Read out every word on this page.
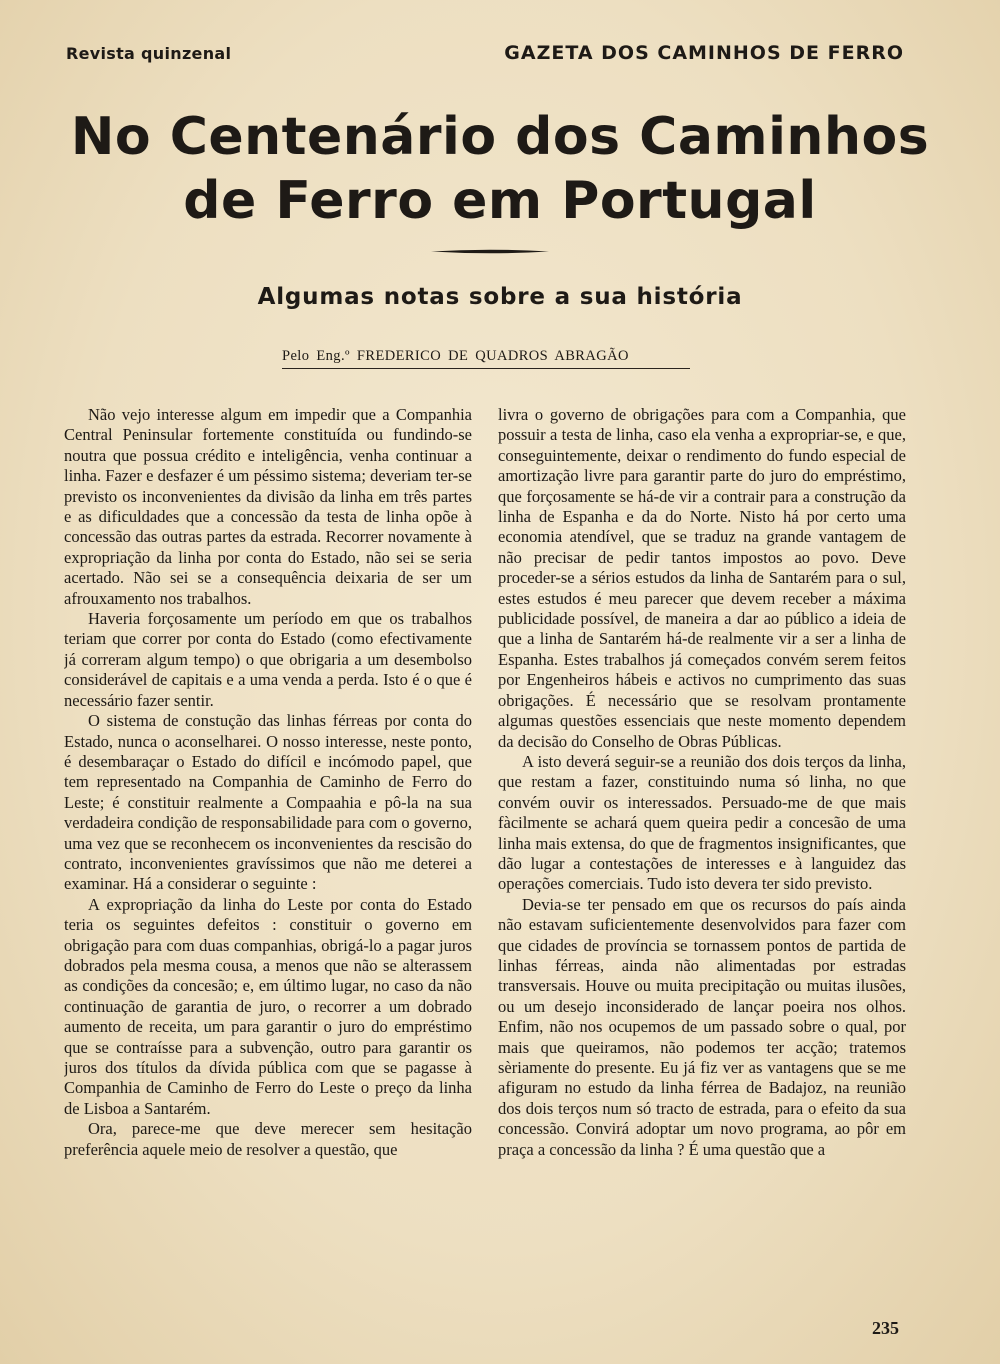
Revista quinzenal	GAZETA DOS CAMINHOS DE FERRO
No Centenário dos Caminhos de Ferro em Portugal
Algumas notas sobre a sua história
Pelo Eng.º FREDERICO DE QUADROS ABRAGÃO

Não vejo interesse algum em impedir que a Companhia Central Peninsular fortemente constituída ou fundindo-se noutra que possua crédito e inteligência, venha continuar a linha. Fazer e desfazer é um péssimo sistema; deveriam ter-se previsto os inconvenientes da divisão da linha em três partes e as dificuldades que a concessão da testa de linha opõe à concessão das outras partes da estrada. Recorrer novamente à expropriação da linha por conta do Estado, não sei se seria acertado. Não sei se a consequência deixaria de ser um afrouxamento nos trabalhos.

Haveria forçosamente um período em que os trabalhos teriam que correr por conta do Estado (como efectivamente já correram algum tempo) o que obrigaria a um desembolso considerável de capitais e a uma venda a perda. Isto é o que é necessário fazer sentir.

O sistema de constução das linhas férreas por conta do Estado, nunca o aconselharei. O nosso interesse, neste ponto, é desembaraçar o Estado do difícil e incómodo papel, que tem representado na Companhia de Caminho de Ferro do Leste; é constituir realmente a Compaahia e pô-la na sua verdadeira condição de responsabilidade para com o governo, uma vez que se reconhecem os inconvenientes da rescisão do contrato, inconvenientes gravíssimos que não me deterei a examinar. Há a considerar o seguinte :

A expropriação da linha do Leste por conta do Estado teria os seguintes defeitos : constituir o governo em obrigação para com duas companhias, obrigá-lo a pagar juros dobrados pela mesma cousa, a menos que não se alterassem as condições da concesão; e, em último lugar, no caso da não continuação de garantia de juro, o recorrer a um dobrado aumento de receita, um para garantir o juro do empréstimo que se contraísse para a subvenção, outro para garantir os juros dos títulos da dívida pública com que se pagasse à Companhia de Caminho de Ferro do Leste o preço da linha de Lisboa a Santarém.

Ora, parece-me que deve merecer sem hesitação preferência aquele meio de resolver a questão, que

livra o governo de obrigações para com a Companhia, que possuir a testa de linha, caso ela venha a expropriar-se, e que, conseguintemente, deixar o rendimento do fundo especial de amortização livre para garantir parte do juro do empréstimo, que forçosamente se há-de vir a contrair para a construção da linha de Espanha e da do Norte. Nisto há por certo uma economia atendível, que se traduz na grande vantagem de não precisar de pedir tantos impostos ao povo. Deve proceder-se a sérios estudos da linha de Santarém para o sul, estes estudos é meu parecer que devem receber a máxima publicidade possível, de maneira a dar ao público a ideia de que a linha de Santarém há-de realmente vir a ser a linha de Espanha. Estes trabalhos já começados convém serem feitos por Engenheiros hábeis e activos no cumprimento das suas obrigações. É necessário que se resolvam prontamente algumas questões essenciais que neste momento dependem da decisão do Conselho de Obras Públicas.

A isto deverá seguir-se a reunião dos dois terços da linha, que restam a fazer, constituindo numa só linha, no que convém ouvir os interessados. Persuado-me de que mais fàcilmente se achará quem queira pedir a concesão de uma linha mais extensa, do que de fragmentos insignificantes, que dão lugar a contestações de interesses e à languidez das operações comerciais. Tudo isto devera ter sido previsto.

Devia-se ter pensado em que os recursos do país ainda não estavam suficientemente desenvolvidos para fazer com que cidades de província se tornassem pontos de partida de linhas férreas, ainda não alimentadas por estradas transversais. Houve ou muita precipitação ou muitas ilusões, ou um desejo inconsiderado de lançar poeira nos olhos. Enfim, não nos ocupemos de um passado sobre o qual, por mais que queiramos, não podemos ter acção; tratemos sèriamente do presente. Eu já fiz ver as vantagens que se me afiguram no estudo da linha férrea de Badajoz, na reunião dos dois terços num só tracto de estrada, para o efeito da sua concessão. Convirá adoptar um novo programa, ao pôr em praça a concessão da linha ? É uma questão que a

235
